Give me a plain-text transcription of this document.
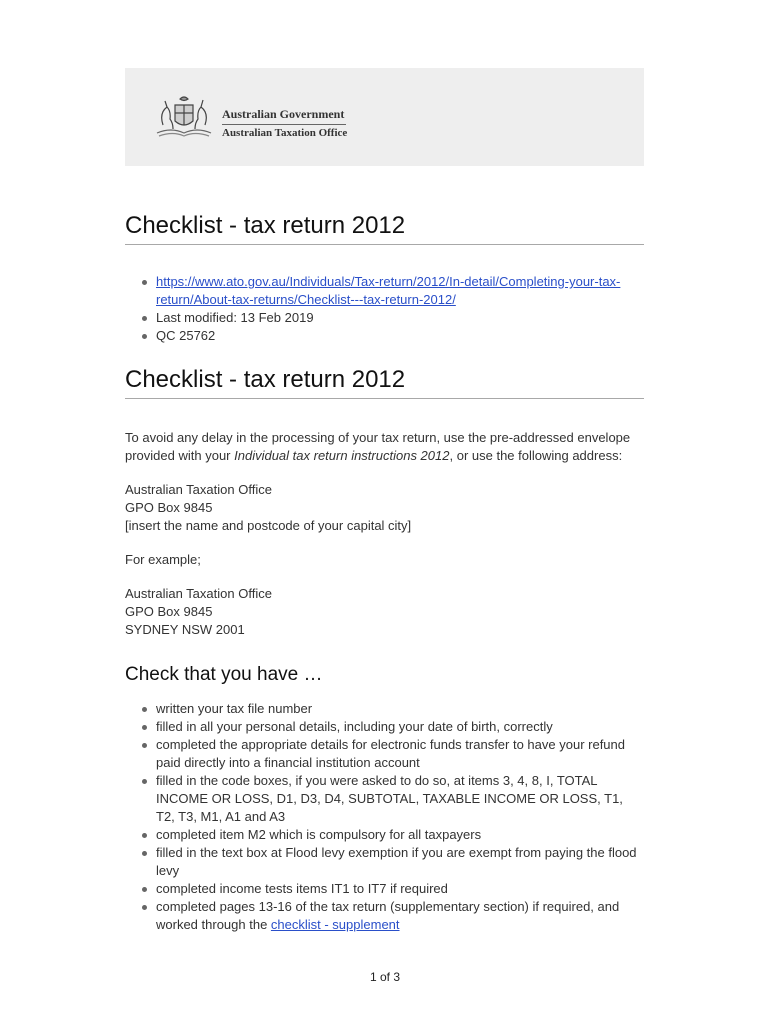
Australian Government
Australian Taxation Office
Checklist - tax return 2012
https://www.ato.gov.au/Individuals/Tax-return/2012/In-detail/Completing-your-tax-return/About-tax-returns/Checklist---tax-return-2012/
Last modified: 13 Feb 2019
QC 25762
Checklist - tax return 2012

To avoid any delay in the processing of your tax return, use the pre-addressed envelope provided with your Individual tax return instructions 2012, or use the following address:

Australian Taxation Office
GPO Box 9845
[insert the name and postcode of your capital city]

For example;

Australian Taxation Office
GPO Box 9845
SYDNEY NSW 2001
Check that you have …
written your tax file number
filled in all your personal details, including your date of birth, correctly
completed the appropriate details for electronic funds transfer to have your refund paid directly into a financial institution account
filled in the code boxes, if you were asked to do so, at items 3, 4, 8, I, TOTAL INCOME OR LOSS, D1, D3, D4, SUBTOTAL, TAXABLE INCOME OR LOSS, T1, T2, T3, M1, A1 and A3
completed item M2 which is compulsory for all taxpayers
filled in the text box at Flood levy exemption if you are exempt from paying the flood levy
completed income tests items IT1 to IT7 if required
completed pages 13-16 of the tax return (supplementary section) if required, and worked through the checklist - supplement
1 of 3
